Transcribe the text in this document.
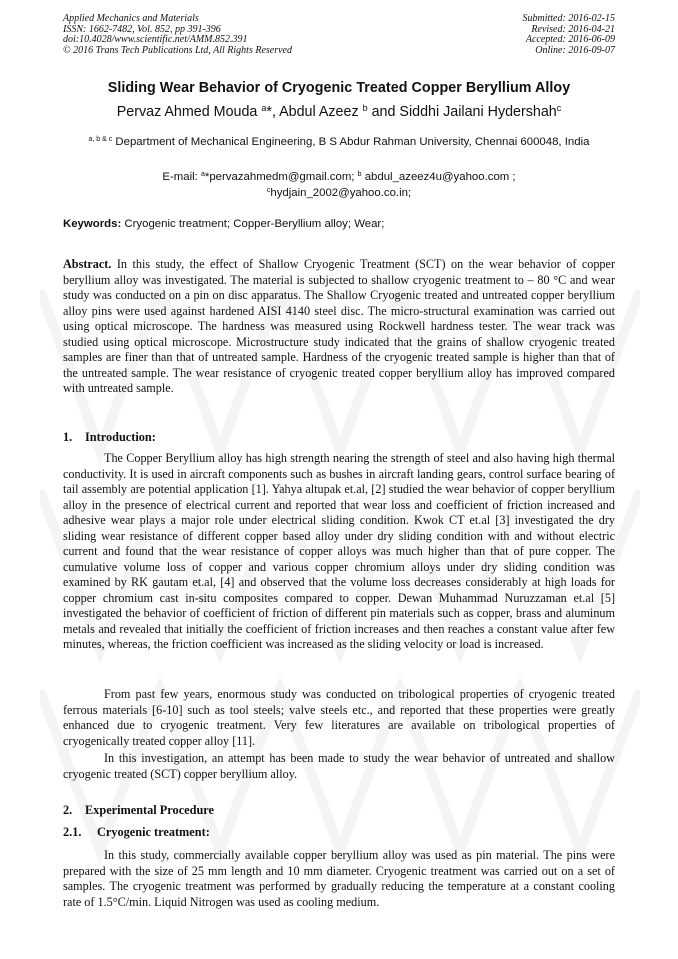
Applied Mechanics and Materials
ISSN: 1662-7482, Vol. 852, pp 391-396
doi:10.4028/www.scientific.net/AMM.852.391
© 2016 Trans Tech Publications Ltd, All Rights Reserved
Submitted: 2016-02-15
Revised: 2016-04-21
Accepted: 2016-06-09
Online: 2016-09-07
Sliding Wear Behavior of Cryogenic Treated Copper Beryllium Alloy
Pervaz Ahmed Mouda $^a$*, Abdul Azeez $^b$ and Siddhi Jailani Hydershah$^c$
$^{a, b \& c}$ Department of Mechanical Engineering, B S Abdur Rahman University, Chennai 600048, India
E-mail: $^a$*pervazahmedm@gmail.com; $^b$ abdul_azeez4u@yahoo.com ;
$^c$hydjain_2002@yahoo.co.in;
Keywords: Cryogenic treatment; Copper-Beryllium alloy; Wear;
Abstract. In this study, the effect of Shallow Cryogenic Treatment (SCT) on the wear behavior of copper beryllium alloy was investigated. The material is subjected to shallow cryogenic treatment to – 80 °C and wear study was conducted on a pin on disc apparatus. The Shallow Cryogenic treated and untreated copper beryllium alloy pins were used against hardened AISI 4140 steel disc. The micro-structural examination was carried out using optical microscope. The hardness was measured using Rockwell hardness tester. The wear track was studied using optical microscope. Microstructure study indicated that the grains of shallow cryogenic treated samples are finer than that of untreated sample. Hardness of the cryogenic treated sample is higher than that of the untreated sample. The wear resistance of cryogenic treated copper beryllium alloy has improved compared with untreated sample.
1. Introduction:
The Copper Beryllium alloy has high strength nearing the strength of steel and also having high thermal conductivity. It is used in aircraft components such as bushes in aircraft landing gears, control surface bearing of tail assembly are potential application [1]. Yahya altupak et.al, [2] studied the wear behavior of copper beryllium alloy in the presence of electrical current and reported that wear loss and coefficient of friction increased and adhesive wear plays a major role under electrical sliding condition. Kwok CT et.al [3] investigated the dry sliding wear resistance of different copper based alloy under dry sliding condition with and without electric current and found that the wear resistance of copper alloys was much higher than that of pure copper. The cumulative volume loss of copper and various copper chromium alloys under dry sliding condition was examined by RK gautam et.al, [4] and observed that the volume loss decreases considerably at high loads for copper chromium cast in-situ composites compared to copper. Dewan Muhammad Nuruzzaman et.al [5] investigated the behavior of coefficient of friction of different pin materials such as copper, brass and aluminum metals and revealed that initially the coefficient of friction increases and then reaches a constant value after few minutes, whereas, the friction coefficient was increased as the sliding velocity or load is increased.
From past few years, enormous study was conducted on tribological properties of cryogenic treated ferrous materials [6-10] such as tool steels; valve steels etc., and reported that these properties were greatly enhanced due to cryogenic treatment. Very few literatures are available on tribological properties of cryogenically treated copper alloy [11].
In this investigation, an attempt has been made to study the wear behavior of untreated and shallow cryogenic treated (SCT) copper beryllium alloy.
2. Experimental Procedure
2.1. Cryogenic treatment:
In this study, commercially available copper beryllium alloy was used as pin material. The pins were prepared with the size of 25 mm length and 10 mm diameter. Cryogenic treatment was carried out on a set of samples. The cryogenic treatment was performed by gradually reducing the temperature at a constant cooling rate of 1.5°C/min. Liquid Nitrogen was used as cooling medium.
